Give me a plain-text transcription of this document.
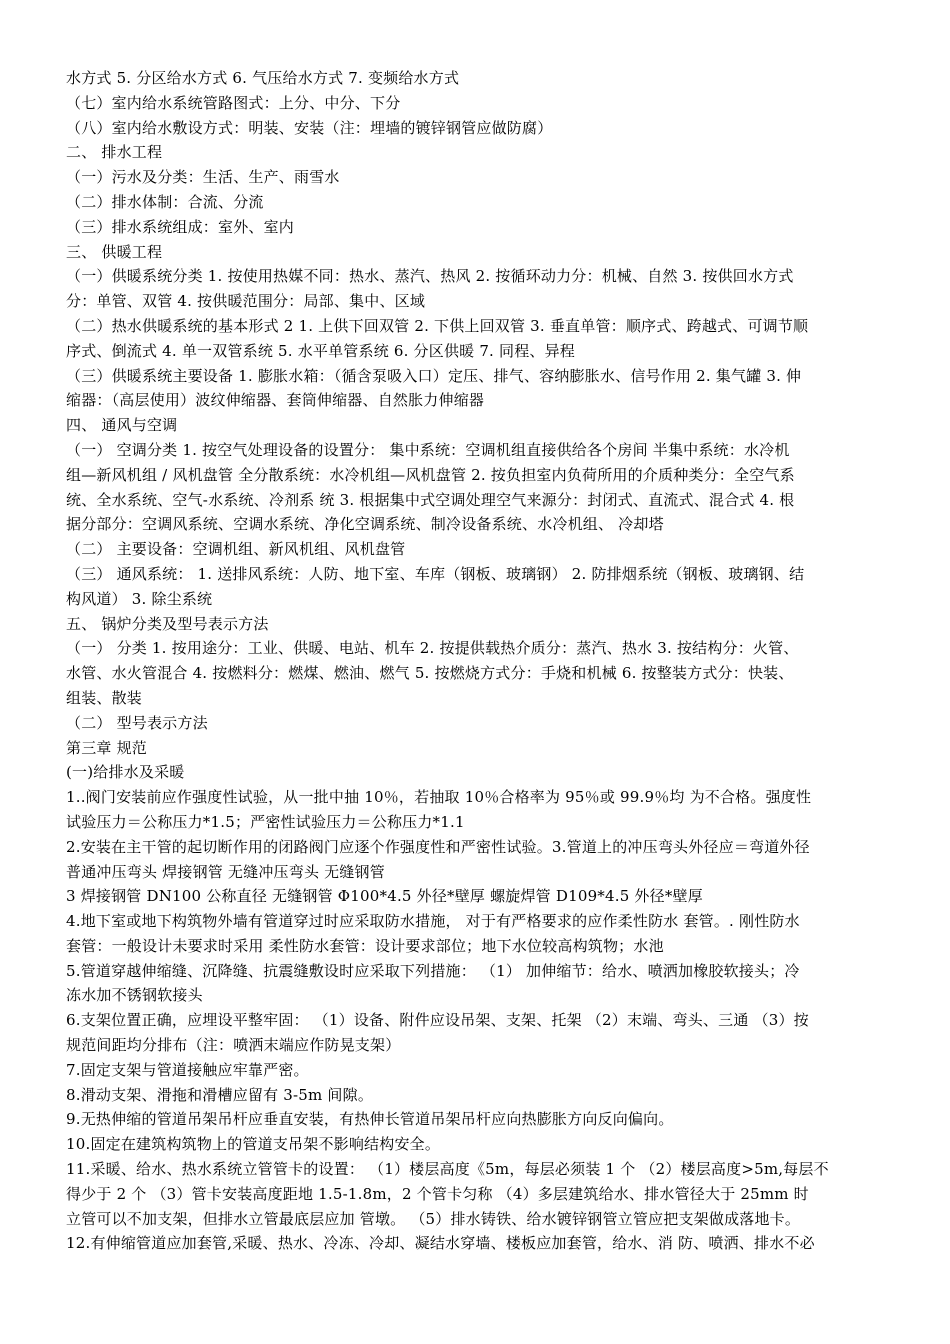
水方式 5. 分区给水方式 6. 气压给水方式 7. 变频给水方式
（七）室内给水系统管路图式：上分、中分、下分
（八）室内给水敷设方式：明装、安装（注：埋墙的镀锌钢管应做防腐）
二、 排水工程
（一）污水及分类：生活、生产、雨雪水
（二）排水体制：合流、分流
（三）排水系统组成：室外、室内
三、 供暖工程
（一）供暖系统分类 1. 按使用热媒不同：热水、蒸汽、热风 2. 按循环动力分：机械、自然 3. 按供回水方式
分：单管、双管 4. 按供暖范围分：局部、集中、区域
（二）热水供暖系统的基本形式 2 1. 上供下回双管 2. 下供上回双管 3. 垂直单管：顺序式、跨越式、可调节顺
序式、倒流式 4. 单一双管系统 5. 水平单管系统 6. 分区供暖 7. 同程、异程
（三）供暖系统主要设备 1. 膨胀水箱：（循含泵吸入口）定压、排气、容纳膨胀水、信号作用 2. 集气罐 3. 伸
缩器：（高层使用）波纹伸缩器、套筒伸缩器、自然胀力伸缩器
四、 通风与空调
（一） 空调分类 1. 按空气处理设备的设置分： 集中系统：空调机组直接供给各个房间 半集中系统：水冷机
组—新风机组 / 风机盘管 全分散系统：水冷机组—风机盘管 2. 按负担室内负荷所用的介质种类分：全空气系
统、全水系统、空气-水系统、冷剂系 统 3. 根据集中式空调处理空气来源分：封闭式、直流式、混合式 4. 根
据分部分：空调风系统、空调水系统、净化空调系统、制冷设备系统、水冷机组、 冷却塔
（二） 主要设备：空调机组、新风机组、风机盘管
（三） 通风系统： 1. 送排风系统：人防、地下室、车库（钢板、玻璃钢） 2. 防排烟系统（钢板、玻璃钢、结
构风道） 3. 除尘系统
五、 锅炉分类及型号表示方法
（一） 分类 1. 按用途分：工业、供暖、电站、机车 2. 按提供载热介质分：蒸汽、热水 3. 按结构分：火管、
水管、水火管混合 4. 按燃料分：燃煤、燃油、燃气 5. 按燃烧方式分：手烧和机械 6. 按整装方式分：快装、
组装、散装
（二） 型号表示方法
第三章 规范
(一)给排水及采暖
1..阀门安装前应作强度性试验，从一批中抽 10％，若抽取 10％合格率为 95％或 99.9％均 为不合格。强度性
试验压力＝公称压力*1.5；严密性试验压力＝公称压力*1.1
2.安装在主干管的起切断作用的闭路阀门应逐个作强度性和严密性试验。3.管道上的冲压弯头外径应＝弯道外径
普通冲压弯头 焊接钢管 无缝冲压弯头 无缝钢管
3 焊接钢管 DN100 公称直径 无缝钢管 Φ100*4.5 外径*壁厚 螺旋焊管 D109*4.5 外径*壁厚
4.地下室或地下构筑物外墙有管道穿过时应采取防水措施， 对于有严格要求的应作柔性防水 套管。. 刚性防水
套管：一般设计未要求时采用 柔性防水套管：设计要求部位；地下水位较高构筑物；水池
5.管道穿越伸缩缝、沉降缝、抗震缝敷设时应采取下列措施： （1） 加伸缩节：给水、喷洒加橡胶软接头；冷
冻水加不锈钢软接头
6.支架位置正确，应埋设平整牢固： （1）设备、附件应设吊架、支架、托架 （2）末端、弯头、三通 （3）按
规范间距均分排布（注：喷洒末端应作防晃支架）
7.固定支架与管道接触应牢靠严密。
8.滑动支架、滑拖和滑槽应留有 3-5m 间隙。
9.无热伸缩的管道吊架吊杆应垂直安装，有热伸长管道吊架吊杆应向热膨胀方向反向偏向。
10.固定在建筑构筑物上的管道支吊架不影响结构安全。
11.采暖、给水、热水系统立管管卡的设置： （1）楼层高度《5m，每层必须装 1 个 （2）楼层高度>5m,每层不
得少于 2 个 （3）管卡安装高度距地 1.5-1.8m，2 个管卡匀称 （4）多层建筑给水、排水管径大于 25mm 时
立管可以不加支架，但排水立管最底层应加 管墩。 （5）排水铸铁、给水镀锌钢管立管应把支架做成落地卡。
12.有伸缩管道应加套管,采暖、热水、冷冻、冷却、凝结水穿墙、楼板应加套管，给水、消 防、喷洒、排水不必
